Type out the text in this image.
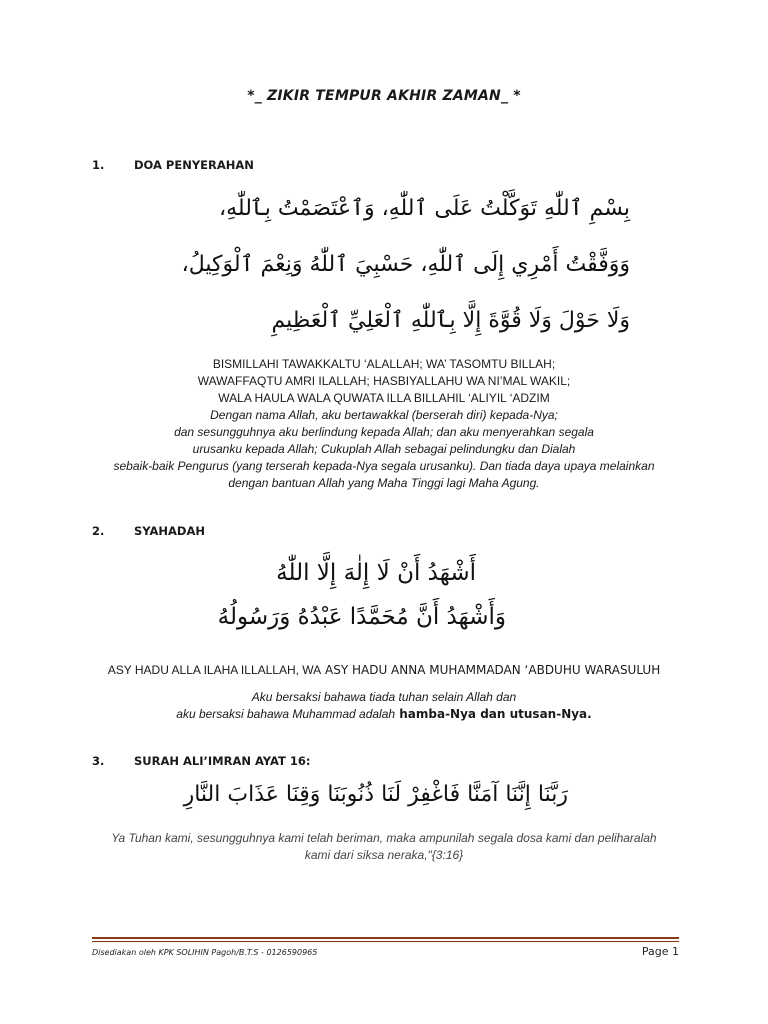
*_ ZIKIR TEMPUR AKHIR ZAMAN_ *
1.	DOA PENYERAHAN
بِسْمِ ٱللّٰهِ تَوَكَّلْتُ عَلَى ٱللّٰهِ، وَٱعْتَصَمْتُ بِٱللّٰهِ،
وَوَفَّقْتُ أَمْرِي إِلَى ٱللّٰهِ، حَسْبِيَ ٱللّٰهُ وَنِعْمَ ٱلْوَكِيلُ،
وَلَا حَوْلَ وَلَا قُوَّةَ إِلَّا بِٱللّٰهِ ٱلْعَلِيِّ ٱلْعَظِيمِ
BISMILLAHI TAWAKKALTU ‘ALALLAH; WA’ TASOMTU BILLAH;
WAWAFFAQTU AMRI ILALLAH; HASBIYALLAHU WA NI’MAL WAKIL;
WALA HAULA WALA QUWATA ILLA BILLAHIL ‘ALIYIL ‘ADZIM
Dengan nama Allah, aku bertawakkal (berserah diri) kepada-Nya;
dan sesungguhnya aku berlindung kepada Allah; dan aku menyerahkan segala
urusanku kepada Allah; Cukuplah Allah sebagai pelindungku dan Dialah
sebaik-baik Pengurus (yang terserah kepada-Nya segala urusanku). Dan tiada daya upaya melainkan
dengan bantuan Allah yang Maha Tinggi lagi Maha Agung.
2.	SYAHADAH
أَشْهَدُ أَنْ لَا إِلٰهَ إِلَّا اللّٰهُ
وَأَشْهَدُ أَنَّ مُحَمَّدًا عَبْدُهُ وَرَسُولُهُ
ASY HADU ALLA ILAHA ILLALLAH, WA ASY HADU ANNA MUHAMMADAN ‘ABDUHU WARASULUH
Aku bersaksi bahawa tiada tuhan selain Allah dan
aku bersaksi bahawa Muhammad adalah hamba-Nya dan utusan-Nya.
3.	SURAH ALI’IMRAN AYAT 16:
رَبَّنَا إِنَّنَا آمَنَّا فَاغْفِرْ لَنَا ذُنُوبَنَا وَقِنَا عَذَابَ النَّارِ
Ya Tuhan kami, sesungguhnya kami telah beriman, maka ampunilah segala dosa kami dan peliharalah
kami dari siksa neraka,"{3:16}
Disediakan oleh KPK SOLIHIN Pagoh/B.T.S - 0126590965	Page 1
